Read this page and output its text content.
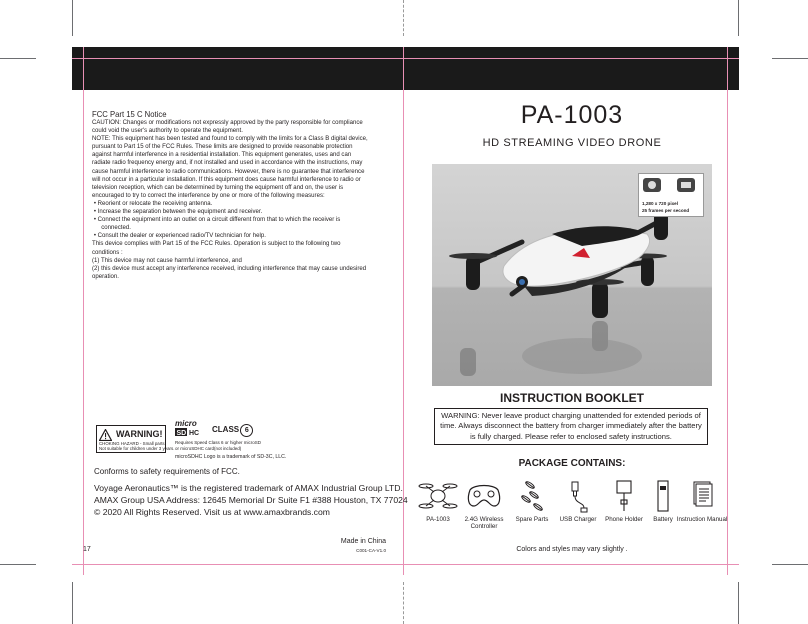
FCC Part 15 C Notice
CAUTION: Changes or modifications not expressly approved by the party responsible for compliance could void the user's authority to operate the equipment.
NOTE: This equipment has been tested and found to comply with the limits for a Class B digital device, pursuant to Part 15 of the FCC Rules. These limits are designed to provide reasonable protection against harmful interference in a residential installation. This equipment generates, uses and can radiate radio frequency energy and, if not installed and used in accordance with the instructions, may cause harmful interference to radio communications. However, there is no guarantee that interference will not occur in a particular installation. If this equipment does cause harmful interference to radio or television reception, which can be determined by turning the equipment off and on, the user is encouraged to try to correct the interference by one or more of the following measures:
• Reorient or relocate the receiving antenna.
• Increase the separation between the equipment and receiver.
• Connect the equipment into an outlet on a circuit different from that to which the receiver is connected.
• Consult the dealer or experienced radio/TV technician for help.
This device complies with Part 15 of the FCC Rules. Operation is subject to the following two conditions :
(1) This device may not cause harmful interference, and
(2) this device must accept any interference received, including interference that may cause undesired operation.
WARNING!
CHOKING HAZARD - Small parts.
Not suitable for children under 3 years.
micro
SD HC CLASS 6
Requires Speed Class 6 or higher microSD or microSDHC card(not included)
microSDHC Logo is a trademark of SD-3C, LLC.
Conforms to safety requirements of FCC.
Voyage Aeronautics™ is the registered trademark of AMAX Industrial Group LTD.
AMAX Group USA Address: 12645 Memorial Dr Suite F1 #388 Houston, TX 77024
© 2020 All Rights Reserved. Visit us at www.amaxbrands.com
Made in China
C001-CA-V1.0
17
PA-1003
HD STREAMING VIDEO DRONE
1,280 x 720 pixel
25 frames per second
INSTRUCTION BOOKLET
WARNING: Never leave product charging unattended for extended periods of time. Always disconnect the battery from charger immediately after the battery is fully charged. Please refer to enclosed safety instructions.
PACKAGE CONTAINS:
PA-1003	2.4G Wireless Controller
Spare Parts	USB Charger	Phone Holder	Battery Instruction Manual
Colors and styles may vary slightly .
